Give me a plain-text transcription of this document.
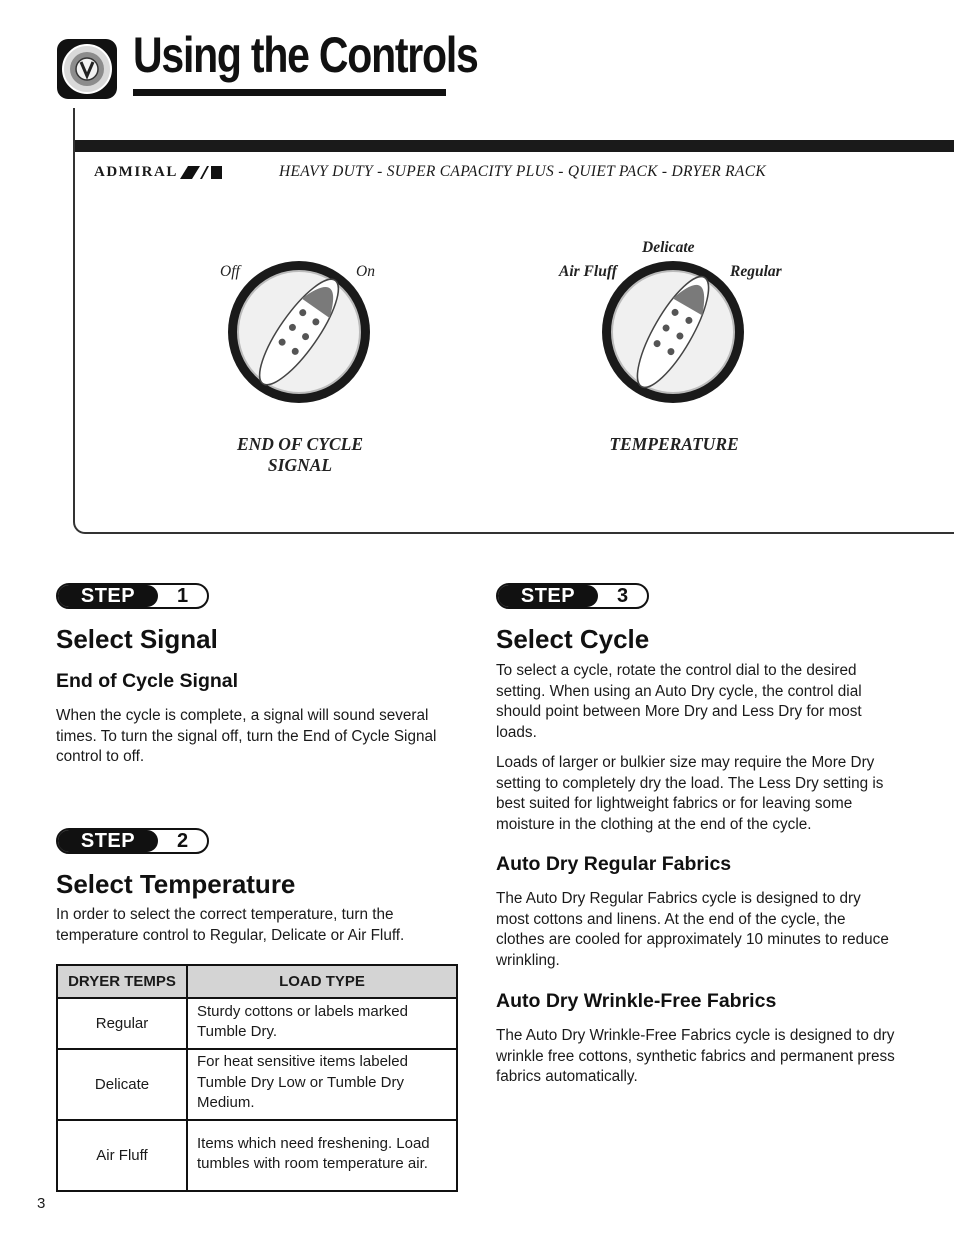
Using the Controls
ADMIRAL	HEAVY DUTY - SUPER CAPACITY PLUS - QUIET PACK - DRYER RACK
Off	On
END OF CYCLE
SIGNAL
Air Fluff
Delicate
Regular
TEMPERATURE
STEP	1
Select Signal
End of Cycle Signal

When the cycle is complete, a signal will sound several times. To turn the signal off, turn the End of Cycle Signal control to off.

STEP	2
Select Temperature

In order to select the correct temperature, turn the temperature control to Regular, Delicate or Air Fluff.

DRYER TEMPS	LOAD TYPE
Regular	Sturdy cottons or labels marked Tumble Dry.
Delicate	For heat sensitive items labeled Tumble Dry Low or Tumble Dry Medium.
Air Fluff	Items which need freshening. Load tumbles with room temperature air.
STEP	3
Select Cycle

To select a cycle, rotate the control dial to the desired setting. When using an Auto Dry cycle, the control dial should point between More Dry and Less Dry for most loads.

Loads of larger or bulkier size may require the More Dry setting to completely dry the load. The Less Dry setting is best suited for lightweight fabrics or for leaving some moisture in the clothing at the end of the cycle.

Auto Dry Regular Fabrics

The Auto Dry Regular Fabrics cycle is designed to dry most cottons and linens. At the end of the cycle, the clothes are cooled for approximately 10 minutes to reduce wrinkling.

Auto Dry Wrinkle-Free Fabrics

The Auto Dry Wrinkle-Free Fabrics cycle is designed to dry wrinkle free cottons, synthetic fabrics and permanent press fabrics automatically.

3
